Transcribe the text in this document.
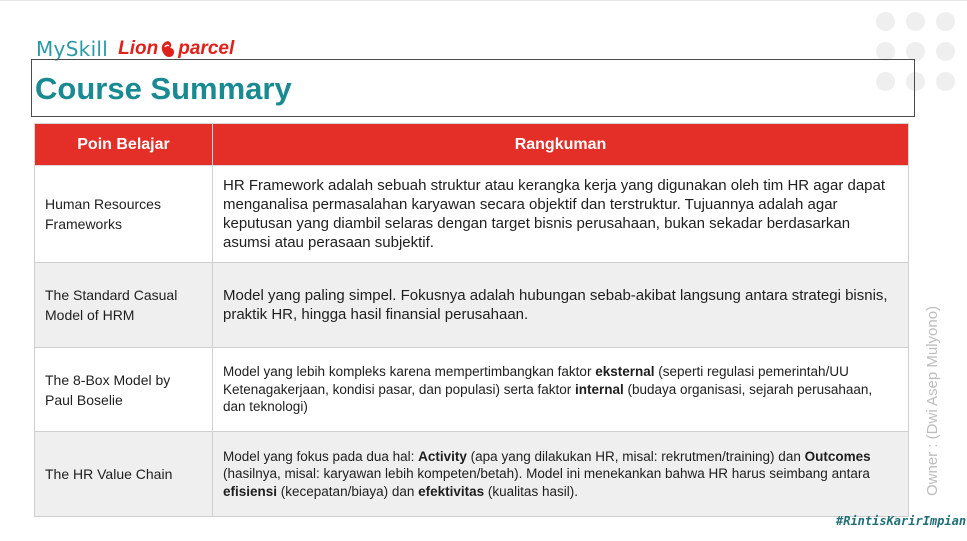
MySkill Lion parcel
Course Summary
Poin Belajar	Rangkuman
Human Resources Frameworks	HR Framework adalah sebuah struktur atau kerangka kerja yang digunakan oleh tim HR agar dapat menganalisa permasalahan karyawan secara objektif dan terstruktur. Tujuannya adalah agar keputusan yang diambil selaras dengan target bisnis perusahaan, bukan sekadar berdasarkan asumsi atau perasaan subjektif.
The Standard Casual Model of HRM	Model yang paling simpel. Fokusnya adalah hubungan sebab-akibat langsung antara strategi bisnis, praktik HR, hingga hasil finansial perusahaan.
The 8-Box Model by Paul Boselie	Model yang lebih kompleks karena mempertimbangkan faktor eksternal (seperti regulasi pemerintah/UU Ketenagakerjaan, kondisi pasar, dan populasi) serta faktor internal (budaya organisasi, sejarah perusahaan, dan teknologi)
The HR Value Chain	Model yang fokus pada dua hal: Activity (apa yang dilakukan HR, misal: rekrutmen/training) dan Outcomes (hasilnya, misal: karyawan lebih kompeten/betah). Model ini menekankan bahwa HR harus seimbang antara efisiensi (kecepatan/biaya) dan efektivitas (kualitas hasil).	Owner : (Dwi Asep Mulyono)
#RintisKarirImpian
